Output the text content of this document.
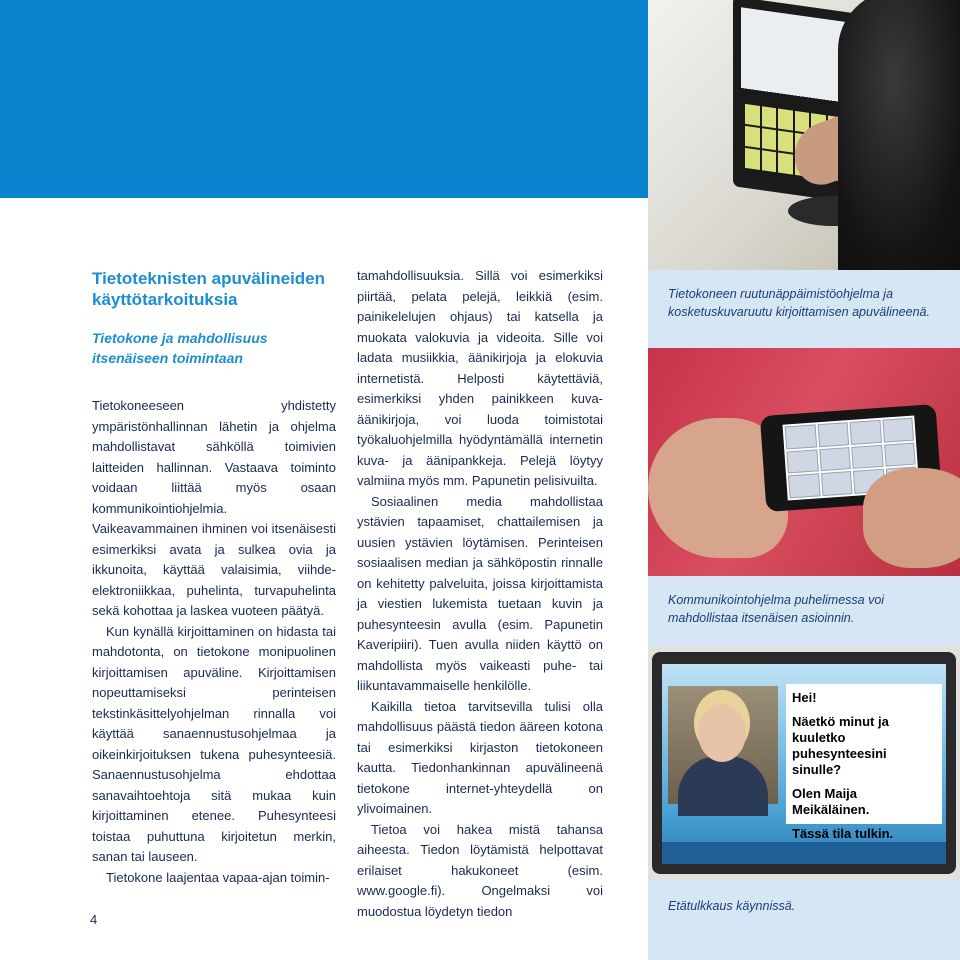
Tietokoneen ruutunäppäimistöohjelma ja kosketuskuvaruutu kirjoittamisen apuvälineenä.

Kommunikointohjelma puhelimessa voi mahdollistaa itsenäisen asioinnin.

Hei!
Näetkö minut ja kuuletko puhesynteesini sinulle?
Olen Maija Meikäläinen.
Tässä tila tulkin.

Etätulkkaus käynnissä.

Tietoteknisten apuvälineiden käyttötarkoituksia
Tietokone ja mahdollisuus itsenäiseen toimintaan

Tietokoneeseen yhdistetty ympäristönhallinnan lähetin ja ohjelma mahdollistavat sähköllä toimivien laitteiden hallinnan. Vastaava toiminto voidaan liittää myös osaan kommunikointiohjelmia. Vaikeavammainen ihminen voi itsenäisesti esimerkiksi avata ja sulkea ovia ja ikkunoita, käyttää valaisimia, viihde-elektroniikkaa, puhelinta, turvapuhelinta sekä kohottaa ja laskea vuoteen päätyä.

Kun kynällä kirjoittaminen on hidasta tai mahdotonta, on tietokone monipuolinen kirjoittamisen apuväline. Kirjoittamisen nopeuttamiseksi perinteisen tekstinkäsittelyohjelman rinnalla voi käyttää sanaennustusohjelmaa ja oikeinkirjoituksen tukena puhesynteesiä. Sanaennustusohjelma ehdottaa sanavaihtoehtoja sitä mukaa kuin kirjoittaminen etenee. Puhesynteesi toistaa puhuttuna kirjoitetun merkin, sanan tai lauseen.

Tietokone laajentaa vapaa-ajan toimin-

tamahdollisuuksia. Sillä voi esimerkiksi piirtää, pelata pelejä, leikkiä (esim. painikelelujen ohjaus) tai katsella ja muokata valokuvia ja videoita. Sille voi ladata musiikkia, äänikirjoja ja elokuvia internetistä. Helposti käytettäviä, esimerkiksi yhden painikkeen kuva-äänikirjoja, voi luoda toimistotai työkaluohjelmilla hyödyntämällä internetin kuva- ja äänipankkeja. Pelejä löytyy valmiina myös mm. Papunetin pelisivuilta.

Sosiaalinen media mahdollistaa ystävien tapaamiset, chattailemisen ja uusien ystävien löytämisen. Perinteisen sosiaalisen median ja sähköpostin rinnalle on kehitetty palveluita, joissa kirjoittamista ja viestien lukemista tuetaan kuvin ja puhesynteesin avulla (esim. Papunetin Kaveripiiri). Tuen avulla niiden käyttö on mahdollista myös vaikeasti puhe- tai liikuntavammaiselle henkilölle.

Kaikilla tietoa tarvitsevilla tulisi olla mahdollisuus päästä tiedon ääreen kotona tai esimerkiksi kirjaston tietokoneen kautta. Tiedonhankinnan apuvälineenä tietokone internet-yhteydellä on ylivoimainen.

Tietoa voi hakea mistä tahansa aiheesta. Tiedon löytämistä helpottavat erilaiset hakukoneet (esim. www.google.fi). Ongelmaksi voi muodostua löydetyn tiedon

4
